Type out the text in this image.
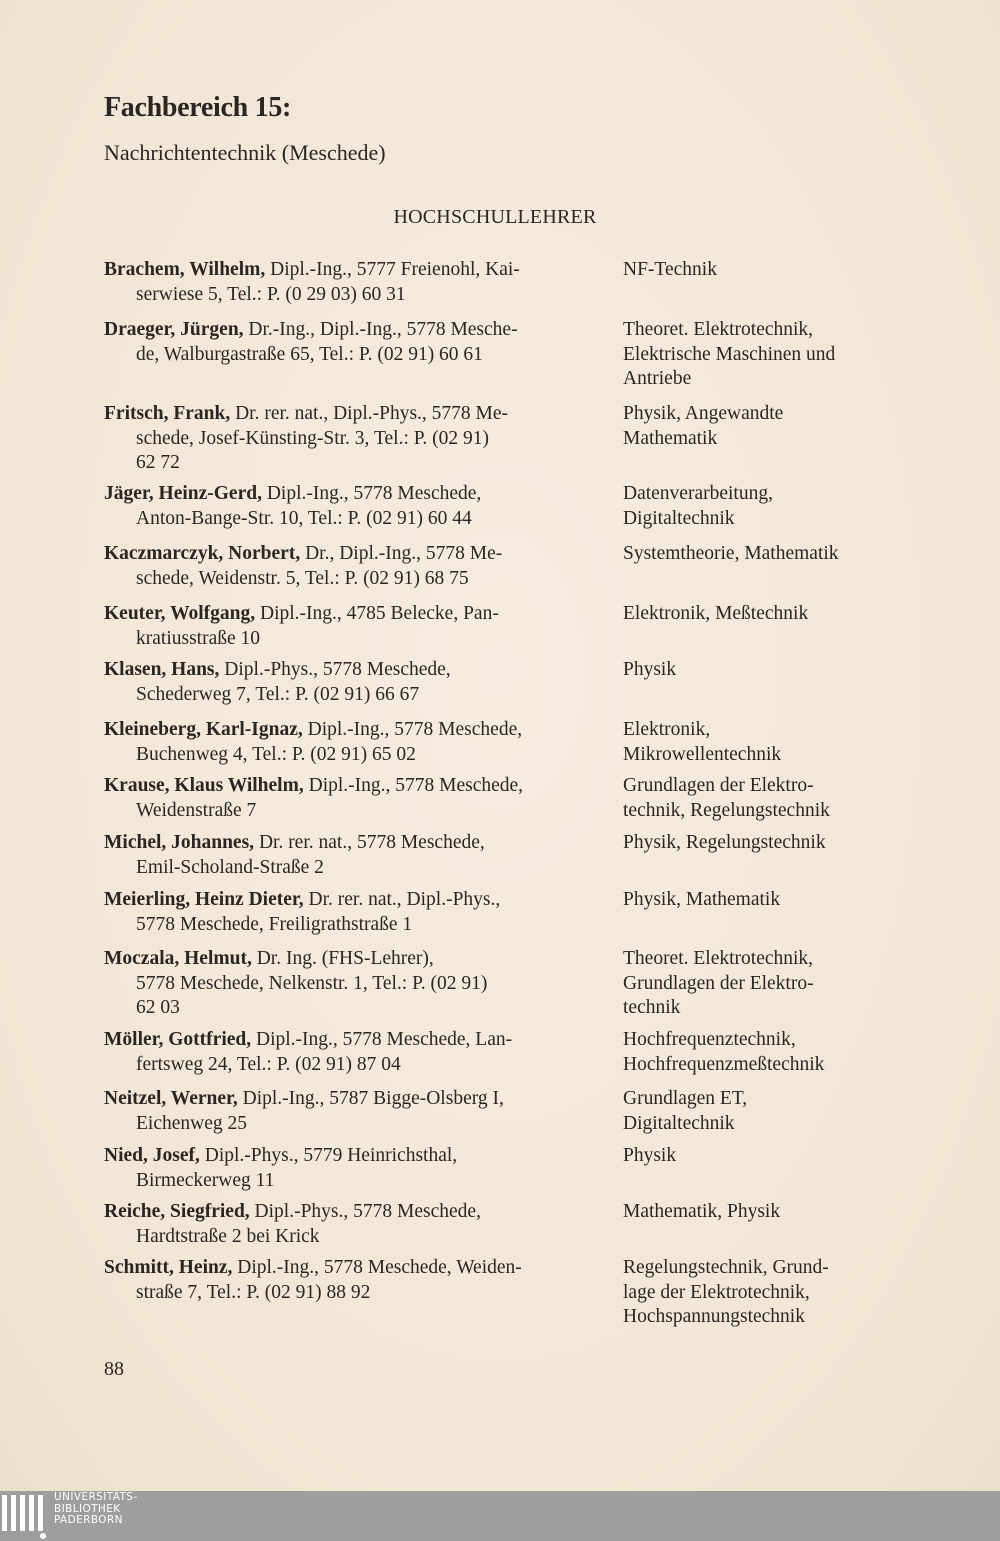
Fachbereich 15:
Nachrichtentechnik (Meschede)
HOCHSCHULLEHRER
Brachem, Wilhelm, Dipl.-Ing., 5777 Freienohl, Kai-
serwiese 5, Tel.: P. (0 29 03) 60 31
NF-Technik
Draeger, Jürgen, Dr.-Ing., Dipl.-Ing., 5778 Mesche-
de, Walburgastraße 65, Tel.: P. (02 91) 60 61
Theoret. Elektrotechnik,
Elektrische Maschinen und
Antriebe
Fritsch, Frank, Dr. rer. nat., Dipl.-Phys., 5778 Me-
schede, Josef-Künsting-Str. 3, Tel.: P. (02 91)
62 72
Physik, Angewandte
Mathematik
Jäger, Heinz-Gerd, Dipl.-Ing., 5778 Meschede,
Anton-Bange-Str. 10, Tel.: P. (02 91) 60 44
Datenverarbeitung,
Digitaltechnik
Kaczmarczyk, Norbert, Dr., Dipl.-Ing., 5778 Me-
schede, Weidenstr. 5, Tel.: P. (02 91) 68 75
Systemtheorie, Mathematik
Keuter, Wolfgang, Dipl.-Ing., 4785 Belecke, Pan-
kratiusstraße 10
Elektronik, Meßtechnik
Klasen, Hans, Dipl.-Phys., 5778 Meschede,
Schederweg 7, Tel.: P. (02 91) 66 67
Physik
Kleineberg, Karl-Ignaz, Dipl.-Ing., 5778 Meschede,
Buchenweg 4, Tel.: P. (02 91) 65 02
Elektronik,
Mikrowellentechnik
Krause, Klaus Wilhelm, Dipl.-Ing., 5778 Meschede,
Weidenstraße 7
Grundlagen der Elektro-
technik, Regelungstechnik
Michel, Johannes, Dr. rer. nat., 5778 Meschede,
Emil-Scholand-Straße 2
Physik, Regelungstechnik
Meierling, Heinz Dieter, Dr. rer. nat., Dipl.-Phys.,
5778 Meschede, Freiligrathstraße 1
Physik, Mathematik
Moczala, Helmut, Dr. Ing. (FHS-Lehrer),
5778 Meschede, Nelkenstr. 1, Tel.: P. (02 91)
62 03
Theoret. Elektrotechnik,
Grundlagen der Elektro-
technik
Möller, Gottfried, Dipl.-Ing., 5778 Meschede, Lan-
fertsweg 24, Tel.: P. (02 91) 87 04
Hochfrequenztechnik,
Hochfrequenzmeßtechnik
Neitzel, Werner, Dipl.-Ing., 5787 Bigge-Olsberg I,
Eichenweg 25
Grundlagen ET,
Digitaltechnik
Nied, Josef, Dipl.-Phys., 5779 Heinrichsthal,
Birmeckerweg 11
Physik
Reiche, Siegfried, Dipl.-Phys., 5778 Meschede,
Hardtstraße 2 bei Krick
Mathematik, Physik
Schmitt, Heinz, Dipl.-Ing., 5778 Meschede, Weiden-
straße 7, Tel.: P. (02 91) 88 92
Regelungstechnik, Grund-
lage der Elektrotechnik,
Hochspannungstechnik
88
UNIVERSITÄTS-
BIBLIOTHEK
PADERBORN
